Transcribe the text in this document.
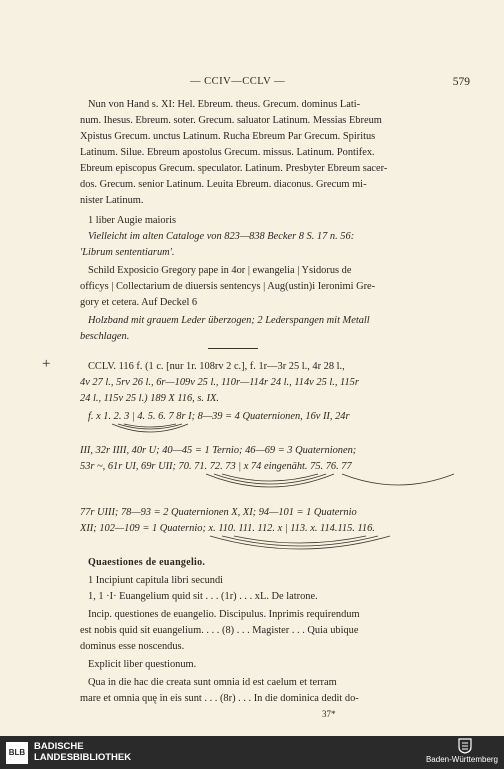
— CCIV—CCLV —	579
Nun von Hand s. XI: Hel. Ebreum. theus. Grecum. dominus Lati-
num. Ihesus. Ebreum. soter. Grecum. saluator Latinum. Messias Ebreum
Xpistus Grecum. unctus Latinum. Rucha Ebreum Par Grecum. Spiritus
Latinum. Silue. Ebreum apostolus Grecum. missus. Latinum. Pontifex.
Ebreum episcopus Grecum. speculator. Latinum. Presbyter Ebreum sacer-
dos. Grecum. senior Latinum. Leuita Ebreum. diaconus. Grecum mi-
nister Latinum.
1 liber Augie maioris
Vielleicht im alten Cataloge von 823—838 Becker 8 S. 17 n. 56:
'Librum sententiarum'.
Schild Exposicio Gregory pape in 4or | ewangelia | Ysidorus de
officys | Collectarium de diuersis sentencys | Aug(ustin)i Ieronimi Gre-
gory et cetera. Auf Deckel 6
Holzband mit grauem Leder überzogen; 2 Lederspangen mit Metall
beschlagen.
+	CCLV. 116 f. (1 c. [nur 1r. 108rv 2 c.], f. 1r—3r 25 l., 4r 28 l.,
4v 27 l., 5rv 26 l., 6r—109v 25 l., 110r—114r 24 l., 114v 25 l., 115r
24 l., 115v 25 l.) 189 X 116, s. IX.
f. x 1. 2. 3 | 4. 5. 6. 7 8r I; 8—39 = 4 Quaternionen, 16v II, 24r
III, 32r IIII, 40r U; 40—45 = 1 Ternio; 46—69 = 3 Quaternionen;
53r ~, 61r UI, 69r UII; 70. 71. 72. 73 | x 74 eingenäht. 75. 76. 77
77r UIII; 78—93 = 2 Quaternionen X, XI; 94—101 = 1 Quaternio
XII; 102—109 = 1 Quaternio; x. 110. 111. 112. x | 113. x. 114.115. 116.
Quaestiones de euangelio.
1 Incipiunt capitula libri secundi
1, 1 ·I· Euangelium quid sit . . . (1r) . . . xL. De latrone.
Incip. questiones de euangelio. Discipulus. Inprimis requirendum
est nobis quid sit euangelium. . . . (8) . . . Magister . . . Quia ubique
dominus esse noscendus.
Explicit liber questionum.
Qua in die hac die creata sunt omnia id est caelum et terram
mare et omnia quę in eis sunt . . . (8r) . . . In die dominica dedit do-
37*
BLB
BADISCHE
LANDESBIBLIOTHEK	Baden-Württemberg
